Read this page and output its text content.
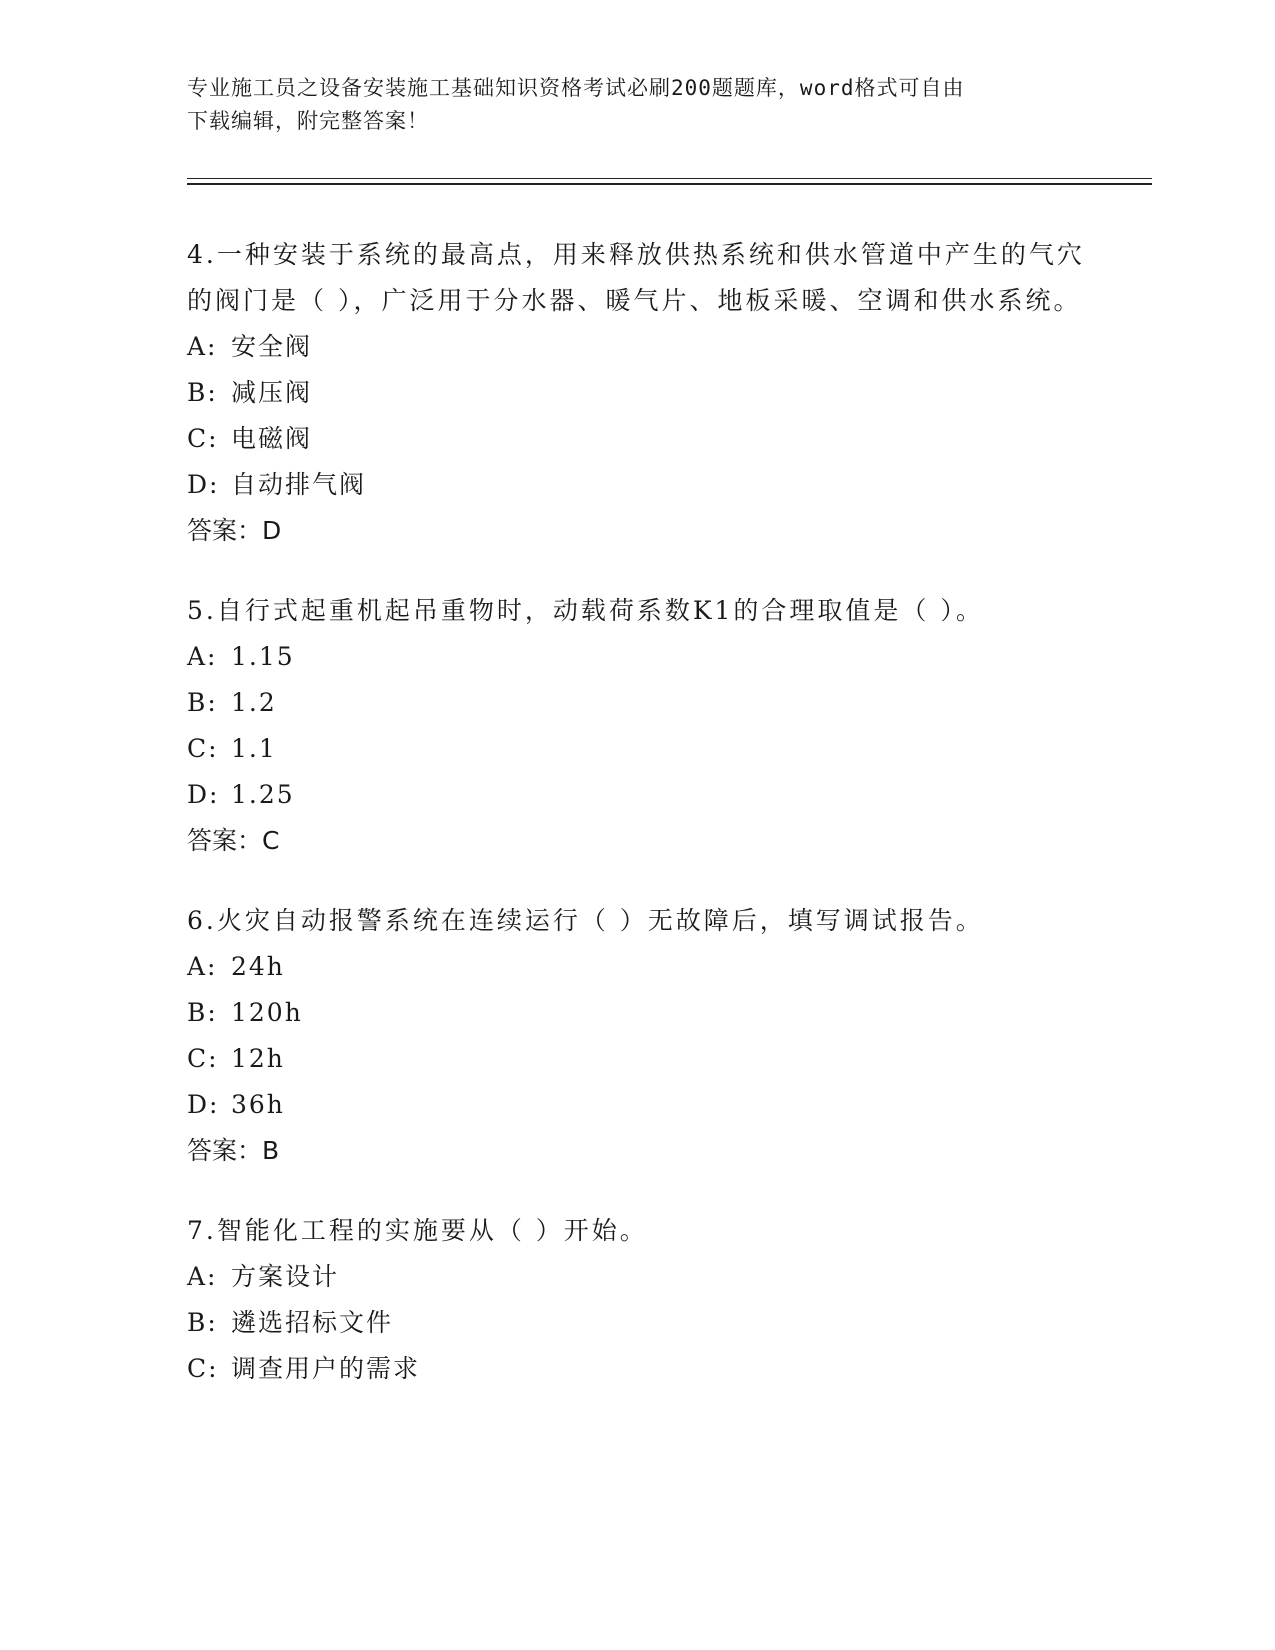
专业施工员之设备安装施工基础知识资格考试必刷200题题库，word格式可自由
下载编辑，附完整答案！

4.一种安装于系统的最高点，用来释放供热系统和供水管道中产生的气穴的阀门是（ ），广泛用于分水器、暖气片、地板采暖、空调和供水系统。

A: 安全阀

B: 减压阀

C: 电磁阀

D: 自动排气阀

答案：D

5.自行式起重机起吊重物时，动载荷系数K1的合理取值是（ ）。

A: 1.15

B: 1.2

C: 1.1

D: 1.25

答案：C

6.火灾自动报警系统在连续运行（ ）无故障后，填写调试报告。

A: 24h

B: 120h

C: 12h

D: 36h

答案：B

7.智能化工程的实施要从（ ）开始。

A: 方案设计

B: 遴选招标文件

C: 调查用户的需求
